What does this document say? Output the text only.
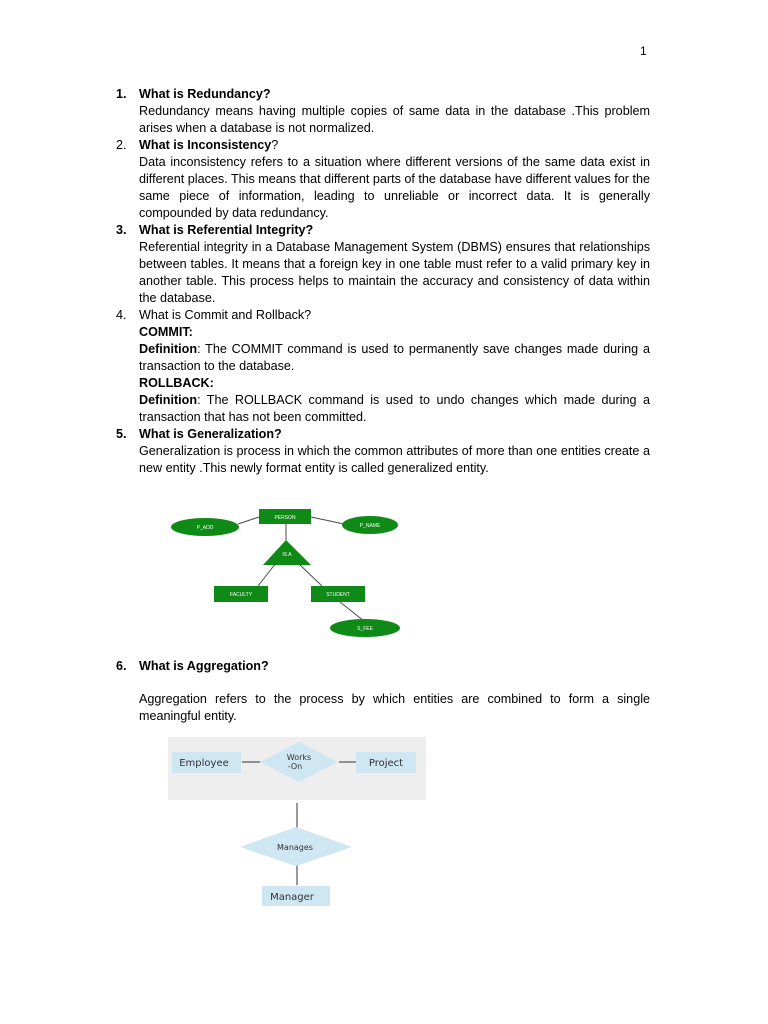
1
1. What is Redundancy?
Redundancy means having multiple copies of same data in the database .This problem arises when a database is not normalized.
2. What is Inconsistency?
Data inconsistency refers to a situation where different versions of the same data exist in different places. This means that different parts of the database have different values for the same piece of information, leading to unreliable or incorrect data. It is generally compounded by data redundancy.
3. What is Referential Integrity?
Referential integrity in a Database Management System (DBMS) ensures that relationships between tables. It means that a foreign key in one table must refer to a valid primary key in another table. This process helps to maintain the accuracy and consistency of data within the database.
4. What is Commit and Rollback?
COMMIT:
Definition: The COMMIT command is used to permanently save changes made during a transaction to the database.
ROLLBACK:
Definition: The ROLLBACK command is used to undo changes which made during a transaction that has not been committed.
5. What is Generalization?
Generalization is process in which the common attributes of more than one entities create a new entity .This newly format entity is called generalized entity.
PERSON
P_ADD	P_NAME
IS A
FACULTY	STUDENT
S_FEE
6. What is Aggregation?
Aggregation refers to the process by which entities are combined to form a single meaningful entity.
Employee
Works
-On	Project
Manages
Manager
